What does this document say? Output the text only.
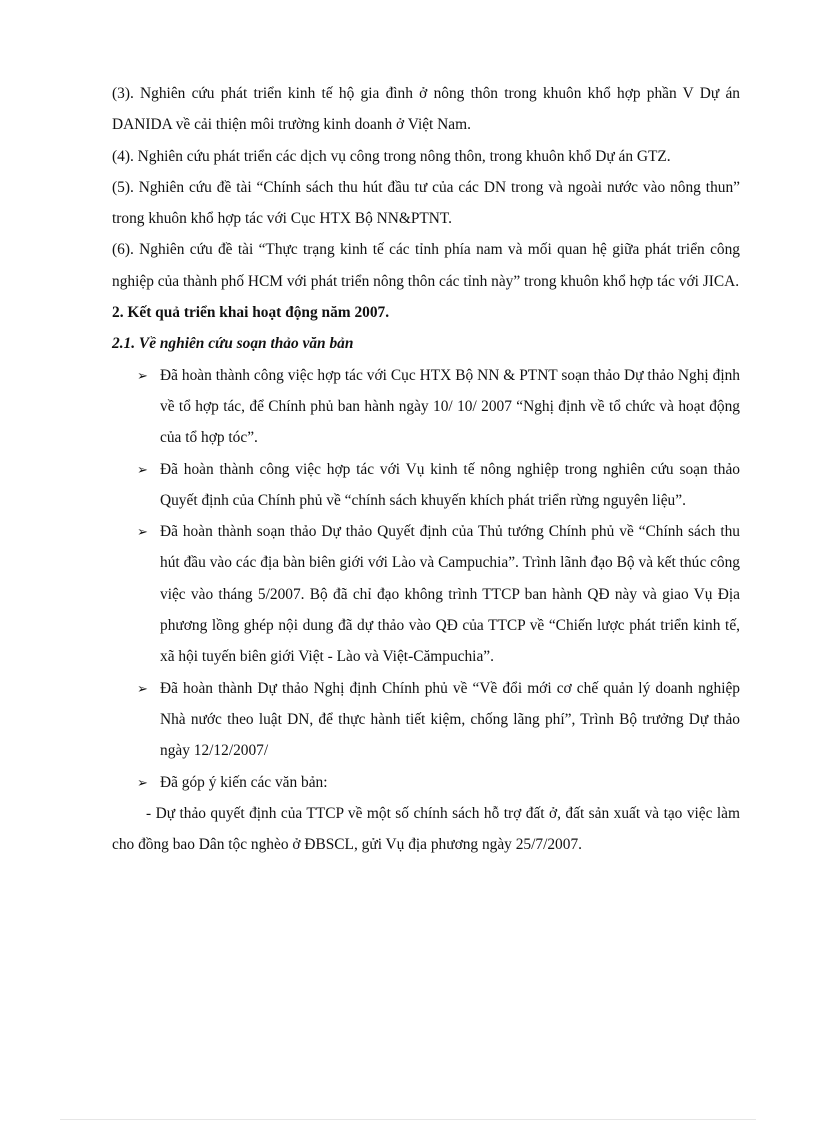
(3). Nghiên cứu phát triển kinh tế hộ gia đình ở nông thôn trong khuôn khổ hợp phần V Dự án DANIDA về cải thiện môi trường kinh doanh ở Việt Nam.

(4). Nghiên cứu phát triển các dịch vụ công trong nông thôn, trong khuôn khổ Dự án GTZ.

(5). Nghiên cứu đề tài “Chính sách thu hút đầu tư của các DN trong và ngoài nước vào nông thun” trong khuôn khổ hợp tác với Cục HTX Bộ NN&PTNT.

(6). Nghiên cứu đề tài “Thực trạng kinh tế các tỉnh phía nam và mối quan hệ giữa phát triển công nghiệp của thành phố HCM với phát triển nông thôn các tỉnh này” trong khuôn khổ hợp tác với JICA.

2. Kết quả triển khai hoạt động năm 2007.

2.1. Về nghiên cứu soạn thảo văn bản

➢ Đã hoàn thành công việc hợp tác với Cục HTX Bộ NN & PTNT soạn thảo Dự thảo Nghị định về tổ hợp tác, để Chính phủ ban hành ngày 10/ 10/ 2007 “Nghị định về tổ chức và hoạt động của tổ hợp tóc”.
➢ Đã hoàn thành công việc hợp tác với Vụ kinh tế nông nghiệp trong nghiên cứu soạn thảo Quyết định của Chính phủ về “chính sách khuyến khích phát triển rừng nguyên liệu”.
➢ Đã hoàn thành soạn thảo Dự thảo Quyết định của Thủ tướng Chính phủ về “Chính sách thu hút đầu vào các địa bàn biên giới với Lào và Campuchia”. Trình lãnh đạo Bộ và kết thúc công việc vào tháng 5/2007. Bộ đã chỉ đạo không trình TTCP ban hành QĐ này và giao Vụ Địa phương lồng ghép nội dung đã dự thảo vào QĐ của TTCP về “Chiến lược phát triển kinh tế, xã hội tuyến biên giới Việt - Lào và Việt-Cămpuchia”.
➢ Đã hoàn thành Dự thảo Nghị định Chính phủ về “Về đổi mới cơ chế quản lý doanh nghiệp Nhà nước theo luật DN, để thực hành tiết kiệm, chống lãng phí”, Trình Bộ trưởng Dự thảo ngày 12/12/2007/
➢ Đã góp ý kiến các văn bản:

- Dự thảo quyết định của TTCP về một số chính sách hỗ trợ đất ở, đất sản xuất và tạo việc làm cho đồng bao Dân tộc nghèo ở ĐBSCL, gửi Vụ địa phương ngày 25/7/2007.
